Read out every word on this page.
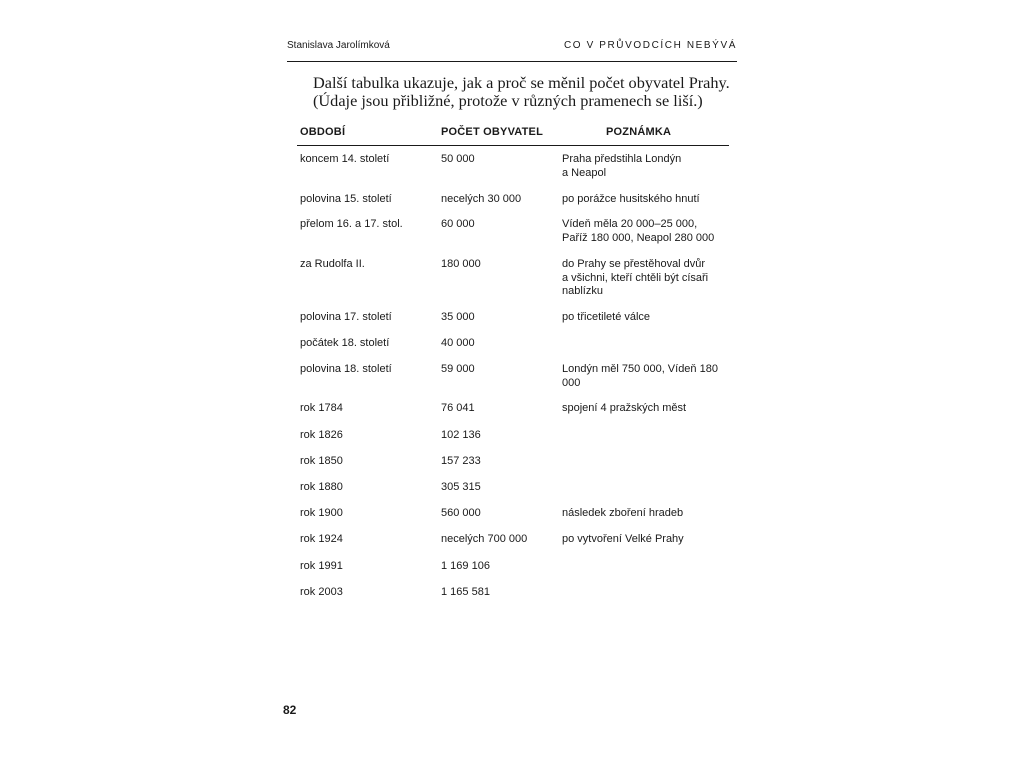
Stanislava Jarolímková	CO V PRŮVODCÍCH NEBÝVÁ

Další tabulka ukazuje, jak a proč se měnil počet obyvatel Prahy.

(Údaje jsou přibližné, protože v různých pramenech se liší.)

OBDOBÍ	POČET OBYVATEL	POZNÁMKA
koncem 14. století	50 000	Praha předstihla Londýn
a Neapol
polovina 15. století	necelých 30 000	po porážce husitského hnutí
přelom 16. a 17. stol.	60 000	Vídeň měla 20 000–25 000,
Paříž 180 000, Neapol 280 000
za Rudolfa II.	180 000	do Prahy se přestěhoval dvůr
a všichni, kteří chtěli být císaři
nablízku
polovina 17. století	35 000	po třicetileté válce
počátek 18. století	40 000
polovina 18. století	59 000	Londýn měl 750 000, Vídeň 180
000
rok 1784	76 041	spojení 4 pražských měst
rok 1826	102 136
rok 1850	157 233
rok 1880	305 315
rok 1900	560 000	následek zboření hradeb
rok 1924	necelých 700 000	po vytvoření Velké Prahy
rok 1991	1 169 106
rok 2003	1 165 581
82
